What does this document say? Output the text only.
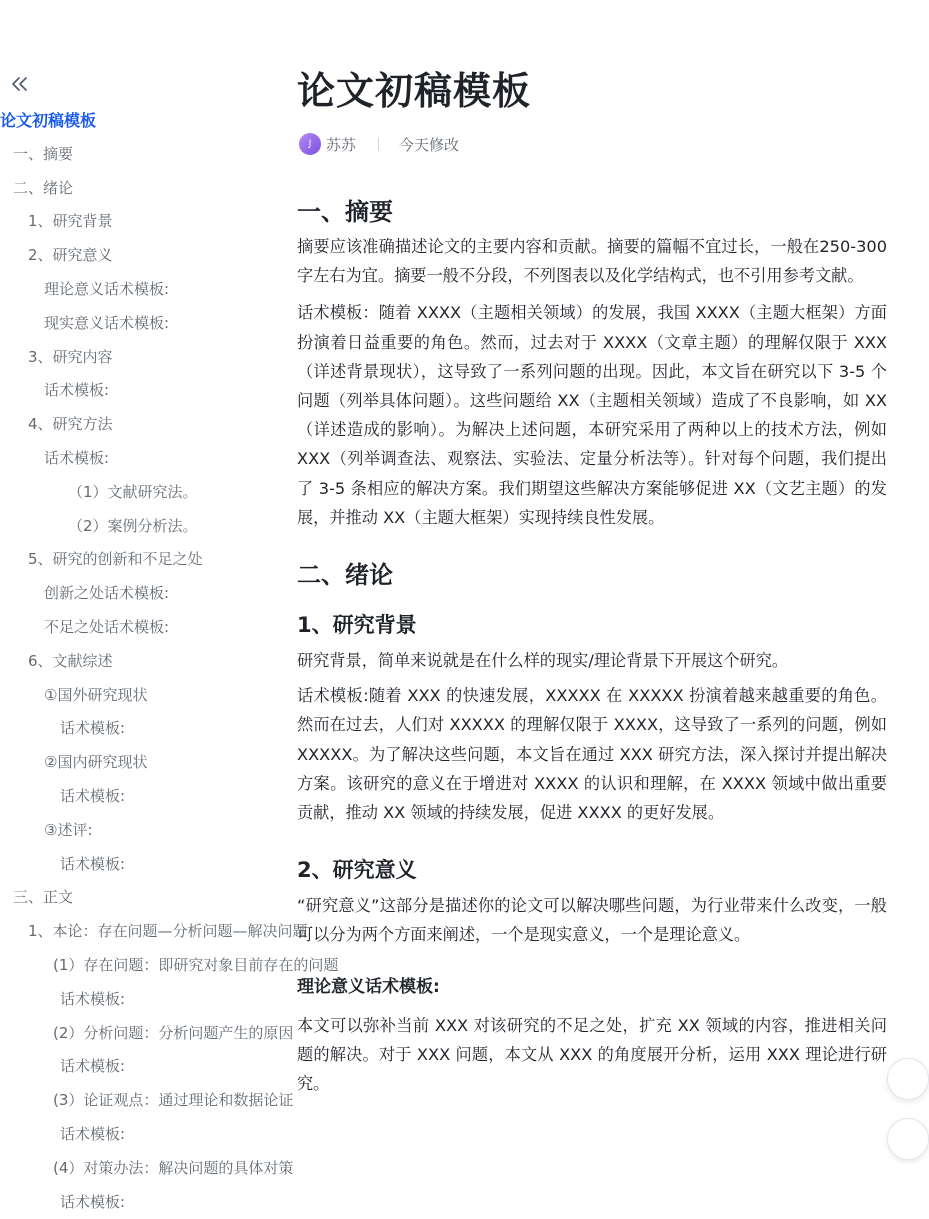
论文初稿模板
一、摘要
二、绪论
1、研究背景
2、研究意义
理论意义话术模板:
现实意义话术模板:
3、研究内容
话术模板:
4、研究方法
话术模板:
（1）文献研究法。
（2）案例分析法。
5、研究的创新和不足之处
创新之处话术模板:
不足之处话术模板:
6、文献综述
①国外研究现状
话术模板:
②国内研究现状
话术模板:
③述评:
话术模板:
三、正文
1、本论：存在问题—分析问题—解决问题
(1）存在问题：即研究对象目前存在的问题
话术模板:
(2）分析问题：分析问题产生的原因
话术模板:
(3）论证观点：通过理论和数据论证
话术模板:
(4）对策办法：解决问题的具体对策
话术模板:
论文初稿模板
J 苏苏	今天修改
一、摘要

摘要应该准确描述论文的主要内容和贡献。摘要的篇幅不宜过长，一般在250-300字左右为宜。摘要一般不分段，不列图表以及化学结构式，也不引用参考文献。

话术模板：随着 XXXX（主题相关领域）的发展，我国 XXXX（主题大框架）方面扮演着日益重要的角色。然而，过去对于 XXXX（文章主题）的理解仅限于 XXX（详述背景现状），这导致了一系列问题的出现。因此，本文旨在研究以下 3-5 个问题（列举具体问题）。这些问题给 XX（主题相关领域）造成了不良影响，如 XX（详述造成的影响）。为解决上述问题，本研究采用了两种以上的技术方法，例如 XXX（列举调查法、观察法、实验法、定量分析法等）。针对每个问题，我们提出了 3-5 条相应的解决方案。我们期望这些解决方案能够促进 XX（文艺主题）的发展，并推动 XX（主题大框架）实现持续良性发展。

二、绪论
1、研究背景

研究背景，简单来说就是在什么样的现实/理论背景下开展这个研究。

话术模板:随着 XXX 的快速发展，XXXXX 在 XXXXX 扮演着越来越重要的角色。然而在过去，人们对 XXXXX 的理解仅限于 XXXX，这导致了一系列的问题，例如 XXXXX。为了解决这些问题，本文旨在通过 XXX 研究方法，深入探讨并提出解决方案。该研究的意义在于增进对 XXXX 的认识和理解，在 XXXX 领域中做出重要贡献，推动 XX 领域的持续发展，促进 XXXX 的更好发展。

2、研究意义

“研究意义”这部分是描述你的论文可以解决哪些问题，为行业带来什么改变，一般可以分为两个方面来阐述，一个是现实意义，一个是理论意义。

理论意义话术模板:

本文可以弥补当前 XXX 对该研究的不足之处，扩充 XX 领域的内容，推进相关问题的解决。对于 XXX 问题，本文从 XXX 的角度展开分析，运用 XXX 理论进行研究。
